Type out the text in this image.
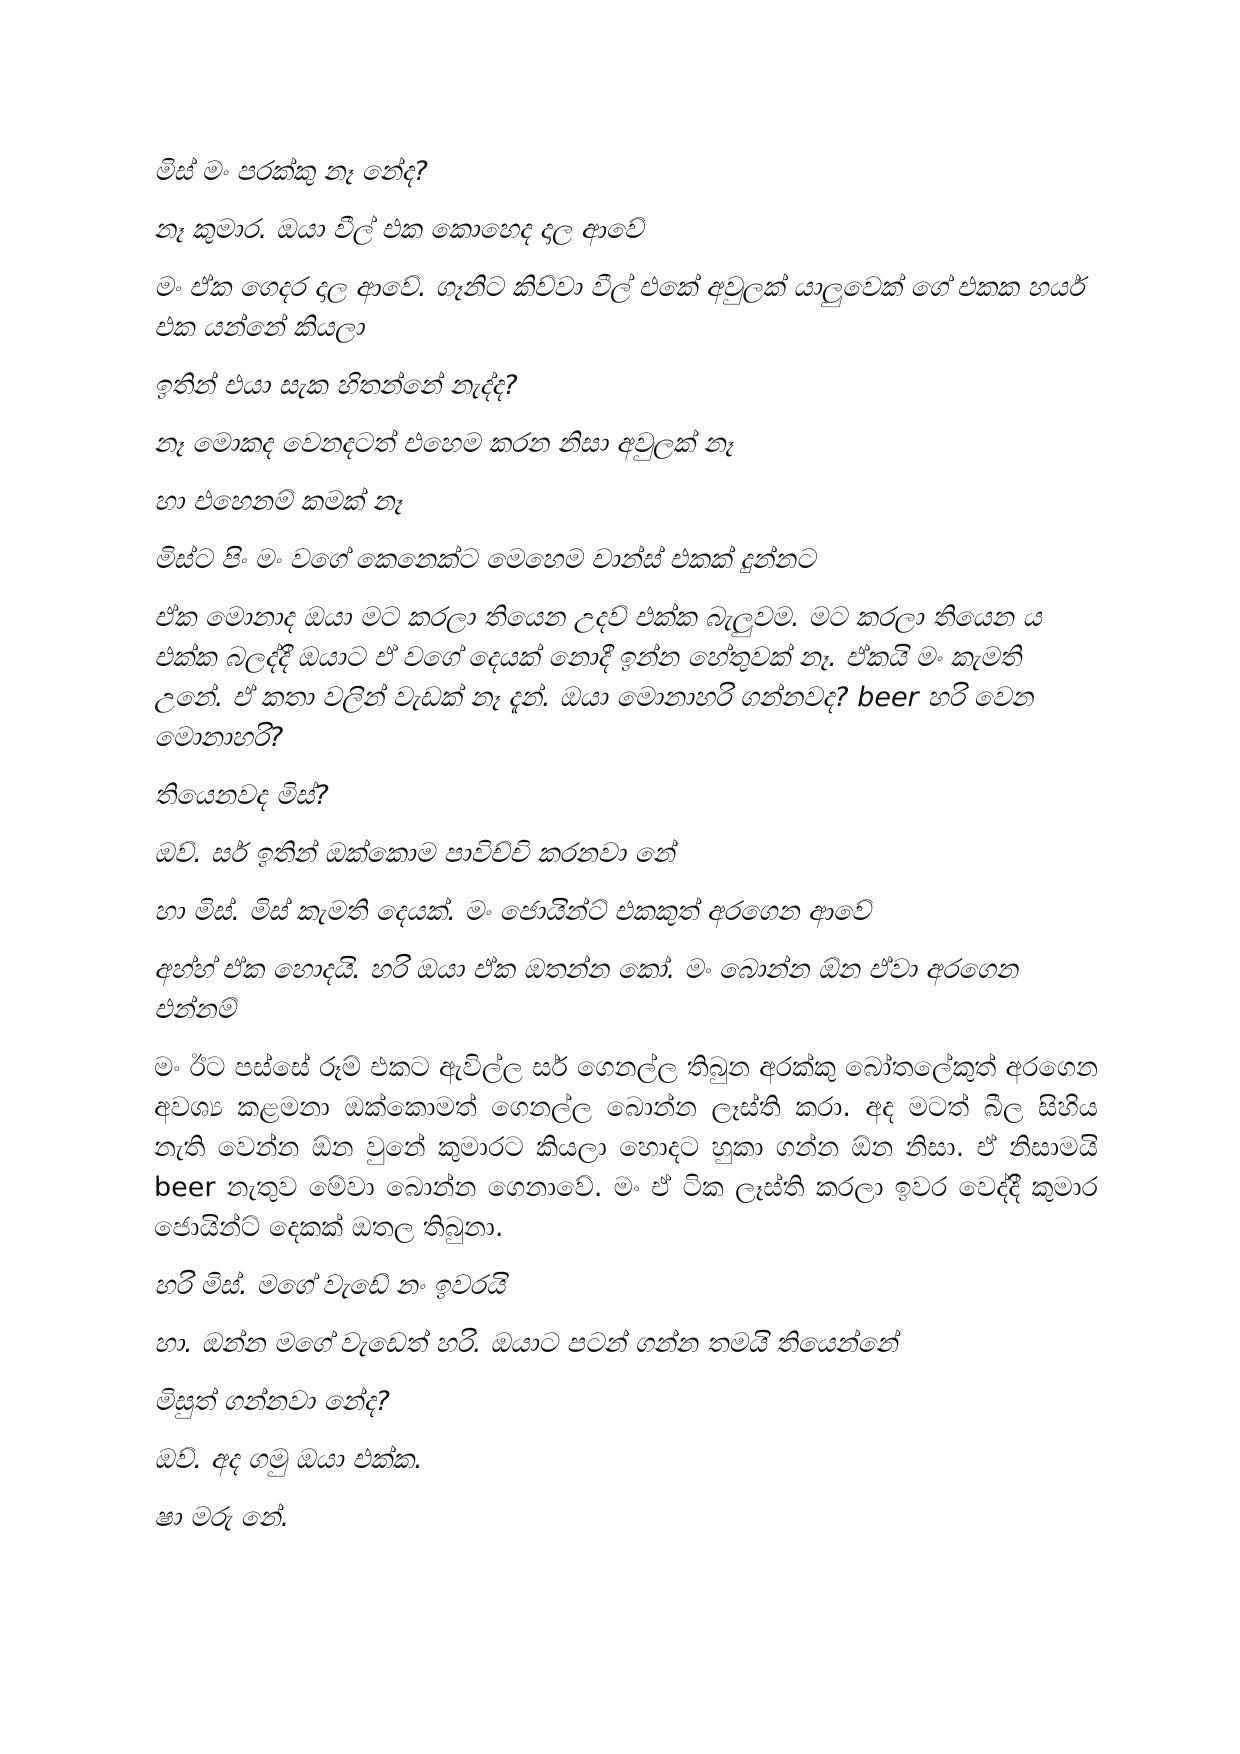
මිස් මං පරක්කු නෑ නේද?

නෑ කුමාර. ඔයා වීල් එක කොහෙද දාල ආවේ

මං ඒක ගෙදර දාල ආවේ. ගෑනිට කිව්වා වීල් එකේ අවුලක් යාලුවෙක් ගේ එකක හයර් එක යන්නේ කියලා

ඉතින් එයා සැක හිතන්නේ නැද්ද?

නෑ මොකද වෙනදටත් එහෙම කරන නිසා අවුලක් නෑ

හා එහෙනම් කමක් නෑ

මිස්ට පිං මං වගේ කෙනෙක්ට මෙහෙම චාන්ස් එකක් දුන්නට

ඒක මොනාද ඔයා මට කරලා තියෙන උදව් එක්ක බැලුවම. මට කරලා තියෙන ය එක්ක බලද්දී ඔයාට ඒ වගේ දෙයක් නොදී ඉන්න හේතුවක් නෑ. ඒකයි මං කැමති උනේ. ඒ කතා වලින් වැඩක් නෑ දැන්. ඔයා මොනාහරි ගන්නවද? beer හරි වෙන මොනාහරි?

තියෙනවද මිස්?

ඔව්. සර් ඉතින් ඔක්කොම පාවිච්චි කරනවා නේ

හා මිස්. මිස් කැමති දෙයක්. මං ජොයින්ට් එකකුත් අරගෙන ආවේ

අහ්හ් ඒක හොදයි. හරි ඔයා ඒක ඔතන්න කෝ. මං බොන්න ඕන ඒවා අරගෙන එන්නම්

මං ඊට පස්සේ රූම් එකට ඇවිල්ල සර් ගෙනල්ල තිබුන අරක්කු බෝතලේකුත් අරගෙන අවශ්‍ය කළමනා ඔක්කොමත් ගෙනල්ල බොන්න ලෑස්ති කරා. අද මටත් බීල සිහිය නැති වෙන්න ඕන වුනේ කුමාරට කියලා හොදට හුකා ගන්න ඕන නිසා. ඒ නිසාමයි beer නැතුව මේවා බොන්න ගෙනාවේ. මං ඒ ටික ලෑස්ති කරලා ඉවර වෙද්දී කුමාර ජොයින්ට් දෙකක් ඔතල තිබුනා.

හරි මිස්. මගේ වැඩේ නං ඉවරයි

හා. ඔන්න මගේ වැඩෙත් හරි. ඔයාට පටන් ගන්න තමයි තියෙන්නේ

මිසුත් ගන්නවා නේද?

ඔව්. අද ගමු ඔයා එක්ක.

ෂා මරු නේ.
